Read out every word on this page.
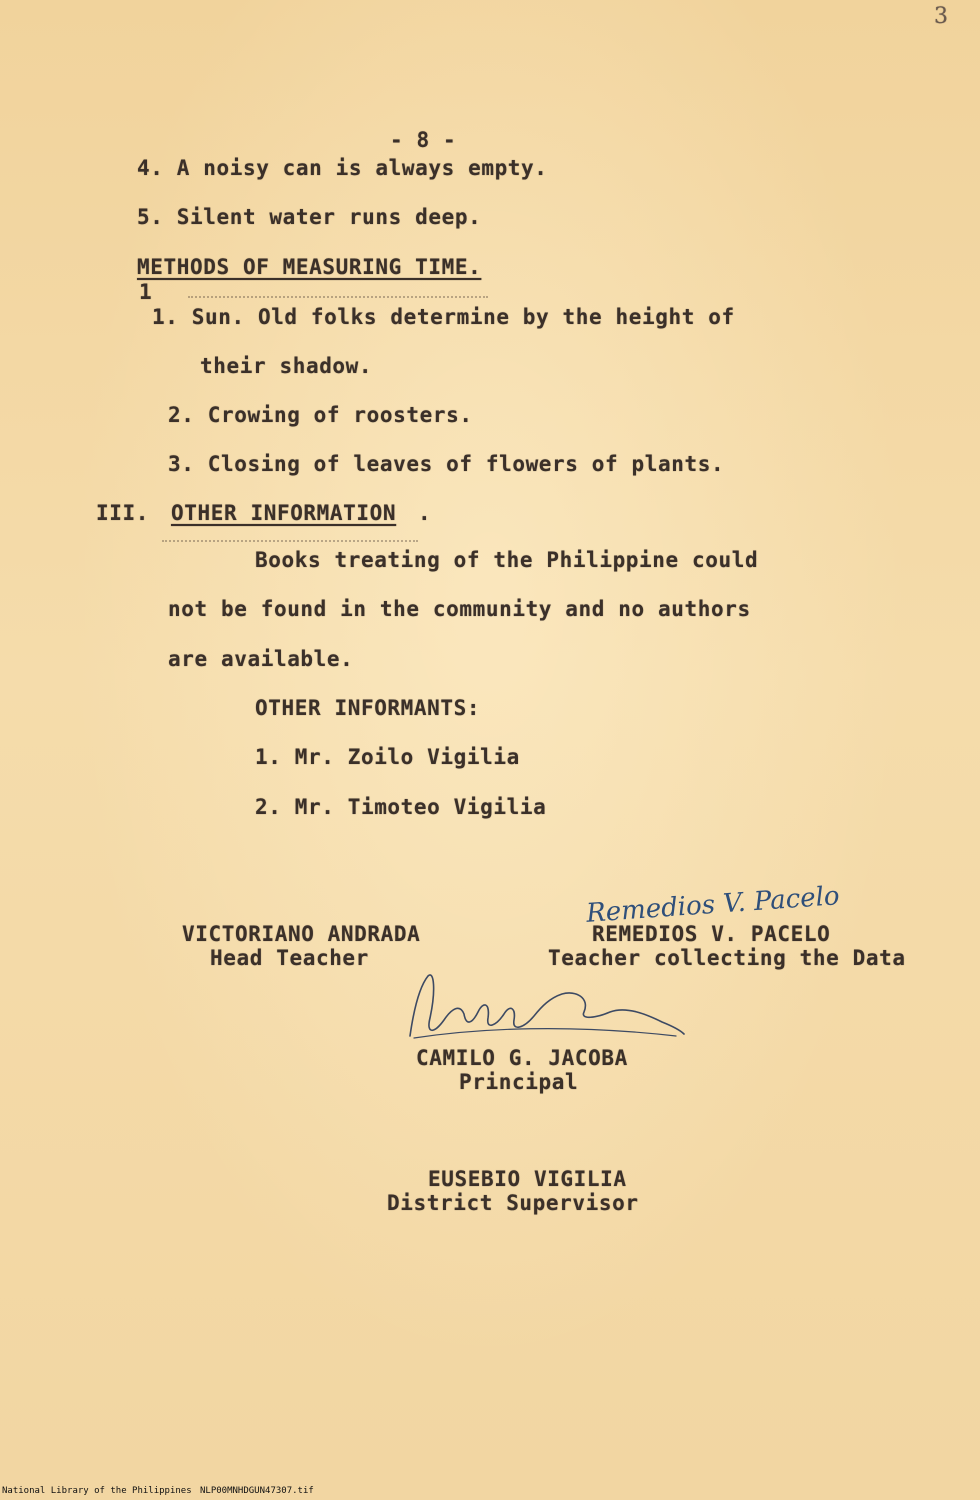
3
- 8 -
4. A noisy can is always empty.
5. Silent water runs deep.
METHODS OF MEASURING TIME.
1
1. Sun. Old folks determine by the height of
their shadow.
2. Crowing of roosters.
3. Closing of leaves of flowers of plants.
III. OTHER INFORMATION .
Books treating of the Philippine could
not be found in the community and no authors
are available.
OTHER INFORMANTS:
1. Mr. Zoilo Vigilia
2. Mr. Timoteo Vigilia
VICTORIANO ANDRADA
Head Teacher
Remedios V. Pacelo
REMEDIOS V. PACELO
Teacher collecting the Data
CAMILO G. JACOBA
Principal
EUSEBIO VIGILIA
District Supervisor
National Library of the Philippines NLP00MNHDGUN47307.tif
